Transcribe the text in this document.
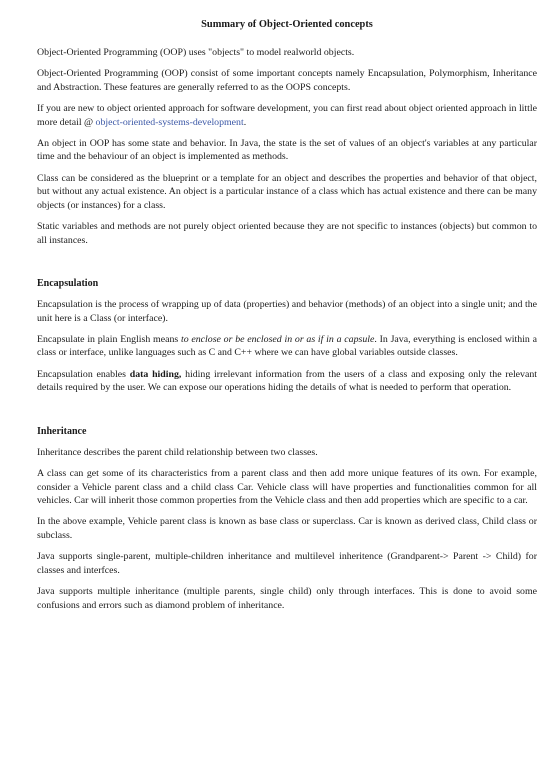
Summary of Object-Oriented concepts

Object-Oriented Programming (OOP) uses "objects" to model realworld objects.

Object-Oriented Programming (OOP) consist of some important concepts namely Encapsulation, Polymorphism, Inheritance and Abstraction. These features are generally referred to as the OOPS concepts.

If you are new to object oriented approach for software development, you can first read about object oriented approach in little more detail @ object-oriented-systems-development.

An object in OOP has some state and behavior. In Java, the state is the set of values of an object's variables at any particular time and the behaviour of an object is implemented as methods.

Class can be considered as the blueprint or a template for an object and describes the properties and behavior of that object, but without any actual existence. An object is a particular instance of a class which has actual existence and there can be many objects (or instances) for a class.

Static variables and methods are not purely object oriented because they are not specific to instances (objects) but common to all instances.

Encapsulation

Encapsulation is the process of wrapping up of data (properties) and behavior (methods) of an object into a single unit; and the unit here is a Class (or interface).

Encapsulate in plain English means to enclose or be enclosed in or as if in a capsule. In Java, everything is enclosed within a class or interface, unlike languages such as C and C++ where we can have global variables outside classes.

Encapsulation enables data hiding, hiding irrelevant information from the users of a class and exposing only the relevant details required by the user. We can expose our operations hiding the details of what is needed to perform that operation.

Inheritance

Inheritance describes the parent child relationship between two classes.

A class can get some of its characteristics from a parent class and then add more unique features of its own. For example, consider a Vehicle parent class and a child class Car. Vehicle class will have properties and functionalities common for all vehicles. Car will inherit those common properties from the Vehicle class and then add properties which are specific to a car.

In the above example, Vehicle parent class is known as base class or superclass. Car is known as derived class, Child class or subclass.

Java supports single-parent, multiple-children inheritance and multilevel inheritence (Grandparent-> Parent -> Child) for classes and interfces.

Java supports multiple inheritance (multiple parents, single child) only through interfaces. This is done to avoid some confusions and errors such as diamond problem of inheritance.
